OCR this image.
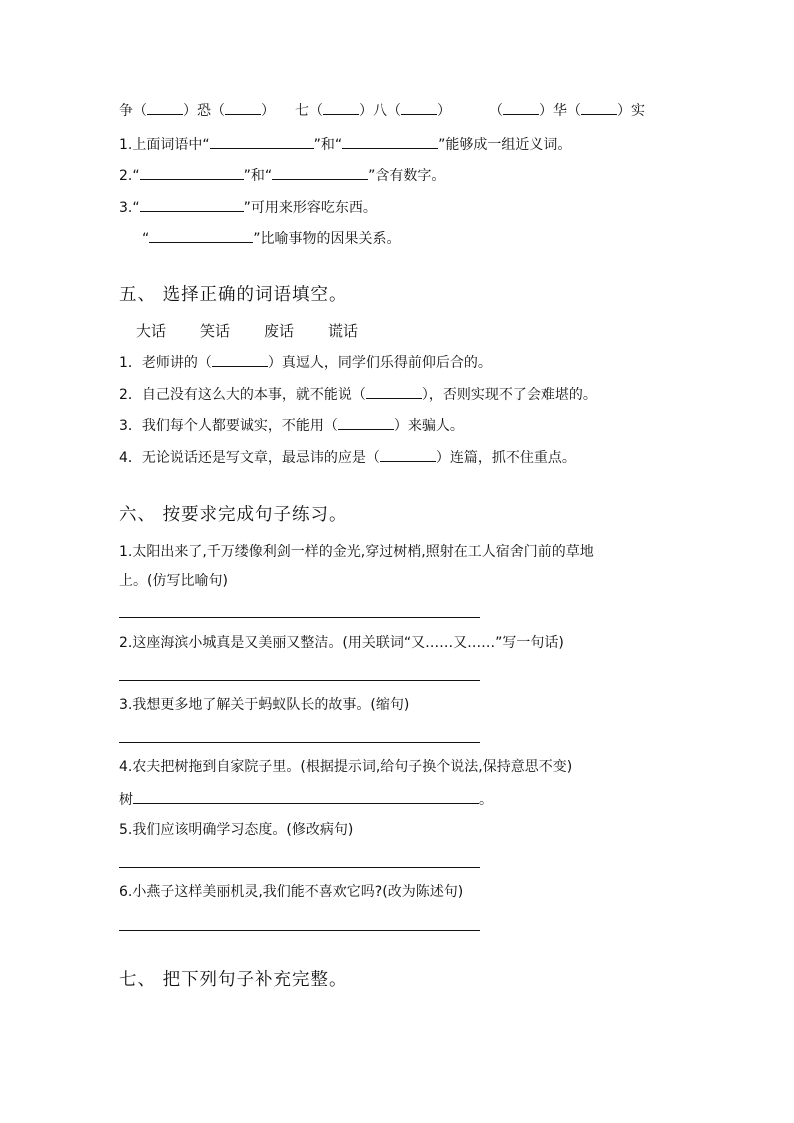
争（	）恐（	） 七（	）八（	）	（	）华（	）实
1.上面词语中“	”和“	”能够成一组近义词。
2.“	”和“	”含有数字。
3.“	”可用来形容吃东西。
“	”比喻事物的因果关系。
五、 选择正确的词语填空。
大话 笑话 废话 谎话
1．老师讲的（	）真逗人，同学们乐得前仰后合的。
2．自己没有这么大的本事，就不能说（	），否则实现不了会难堪的。
3．我们每个人都要诚实，不能用（	）来骗人。
4．无论说话还是写文章，最忌讳的应是（	）连篇，抓不住重点。
六、 按要求完成句子练习。
1.太阳出来了,千万缕像利剑一样的金光,穿过树梢,照射在工人宿舍门前的草地
上。(仿写比喻句)
2.这座海滨小城真是又美丽又整洁。(用关联词“又……又……”写一句话)
3.我想更多地了解关于蚂蚁队长的故事。(缩句)
4.农夫把树拖到自家院子里。(根据提示词,给句子换个说法,保持意思不变)
树	。
5.我们应该明确学习态度。(修改病句)
6.小燕子这样美丽机灵,我们能不喜欢它吗?(改为陈述句)
七、 把下列句子补充完整。
